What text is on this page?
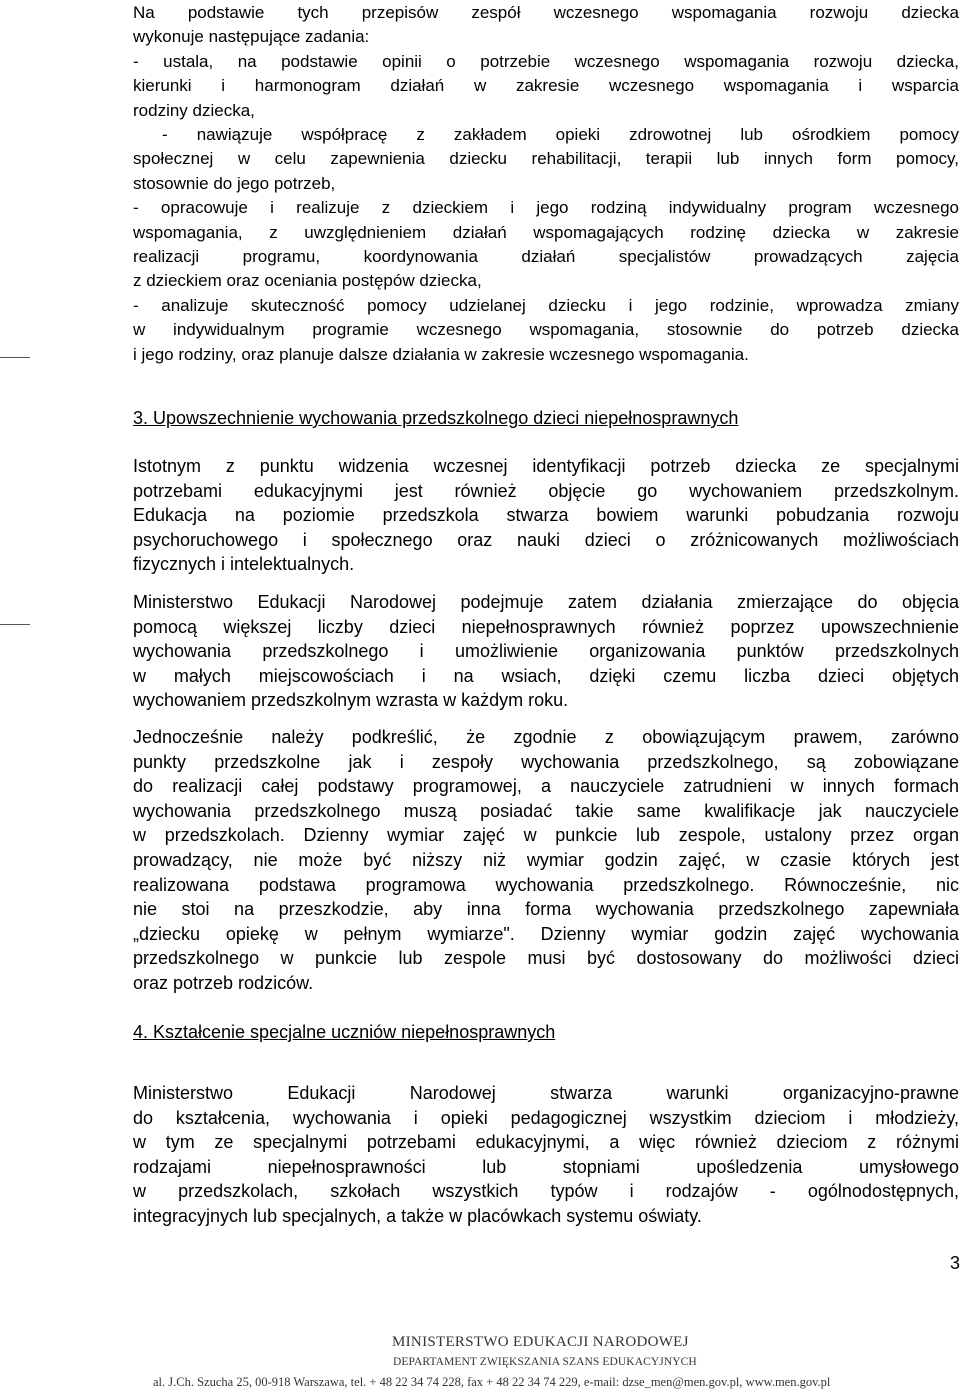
Na podstawie tych przepisów zespół wczesnego wspomagania rozwoju dziecka
wykonuje następujące zadania:
- ustala, na podstawie opinii o potrzebie wczesnego wspomagania rozwoju dziecka,
kierunki i harmonogram działań w zakresie wczesnego wspomagania i wsparcia
rodziny dziecka,
- nawiązuje współpracę z zakładem opieki zdrowotnej lub ośrodkiem pomocy
społecznej w celu zapewnienia dziecku rehabilitacji, terapii lub innych form pomocy,
stosownie do jego potrzeb,
- opracowuje i realizuje z dzieckiem i jego rodziną indywidualny program wczesnego
wspomagania, z uwzględnieniem działań wspomagających rodzinę dziecka w zakresie
realizacji programu, koordynowania działań specjalistów prowadzących zajęcia
z dzieckiem oraz oceniania postępów dziecka,
- analizuje skuteczność pomocy udzielanej dziecku i jego rodzinie, wprowadza zmiany
w indywidualnym programie wczesnego wspomagania, stosownie do potrzeb dziecka
i jego rodziny, oraz planuje dalsze działania w zakresie wczesnego wspomagania.
3. Upowszechnienie wychowania przedszkolnego dzieci niepełnosprawnych
Istotnym z punktu widzenia wczesnej identyfikacji potrzeb dziecka ze specjalnymi
potrzebami edukacyjnymi jest również objęcie go wychowaniem przedszkolnym.
Edukacja na poziomie przedszkola stwarza bowiem warunki pobudzania rozwoju
psychoruchowego i społecznego oraz nauki dzieci o zróżnicowanych możliwościach
fizycznych i intelektualnych.
Ministerstwo Edukacji Narodowej podejmuje zatem działania zmierzające do objęcia
pomocą większej liczby dzieci niepełnosprawnych również poprzez upowszechnienie
wychowania przedszkolnego i umożliwienie organizowania punktów przedszkolnych
w małych miejscowościach i na wsiach, dzięki czemu liczba dzieci objętych
wychowaniem przedszkolnym wzrasta w każdym roku.
Jednocześnie należy podkreślić, że zgodnie z obowiązującym prawem, zarówno
punkty przedszkolne jak i zespoły wychowania przedszkolnego, są zobowiązane
do realizacji całej podstawy programowej, a nauczyciele zatrudnieni w innych formach
wychowania przedszkolnego muszą posiadać takie same kwalifikacje jak nauczyciele
w przedszkolach. Dzienny wymiar zajęć w punkcie lub zespole, ustalony przez organ
prowadzący, nie może być niższy niż wymiar godzin zajęć, w czasie których jest
realizowana podstawa programowa wychowania przedszkolnego. Równocześnie, nic
nie stoi na przeszkodzie, aby inna forma wychowania przedszkolnego zapewniała
„dziecku opiekę w pełnym wymiarze". Dzienny wymiar godzin zajęć wychowania
przedszkolnego w punkcie lub zespole musi być dostosowany do możliwości dzieci
oraz potrzeb rodziców.
4. Kształcenie specjalne uczniów niepełnosprawnych
Ministerstwo Edukacji Narodowej stwarza warunki organizacyjno-prawne
do kształcenia, wychowania i opieki pedagogicznej wszystkim dzieciom i młodzieży,
w tym ze specjalnymi potrzebami edukacyjnymi, a więc również dzieciom z różnymi
rodzajami niepełnosprawności lub stopniami upośledzenia umysłowego
w przedszkolach, szkołach wszystkich typów i rodzajów - ogólnodostępnych,
integracyjnych lub specjalnych, a także w placówkach systemu oświaty.
3
MINISTERSTWO EDUKACJI NARODOWEJ
DEPARTAMENT ZWIĘKSZANIA SZANS EDUKACYJNYCH
al. J.Ch. Szucha 25, 00-918 Warszawa, tel. + 48 22 34 74 228, fax + 48 22 34 74 229, e-mail: dzse_men@men.gov.pl, www.men.gov.pl
